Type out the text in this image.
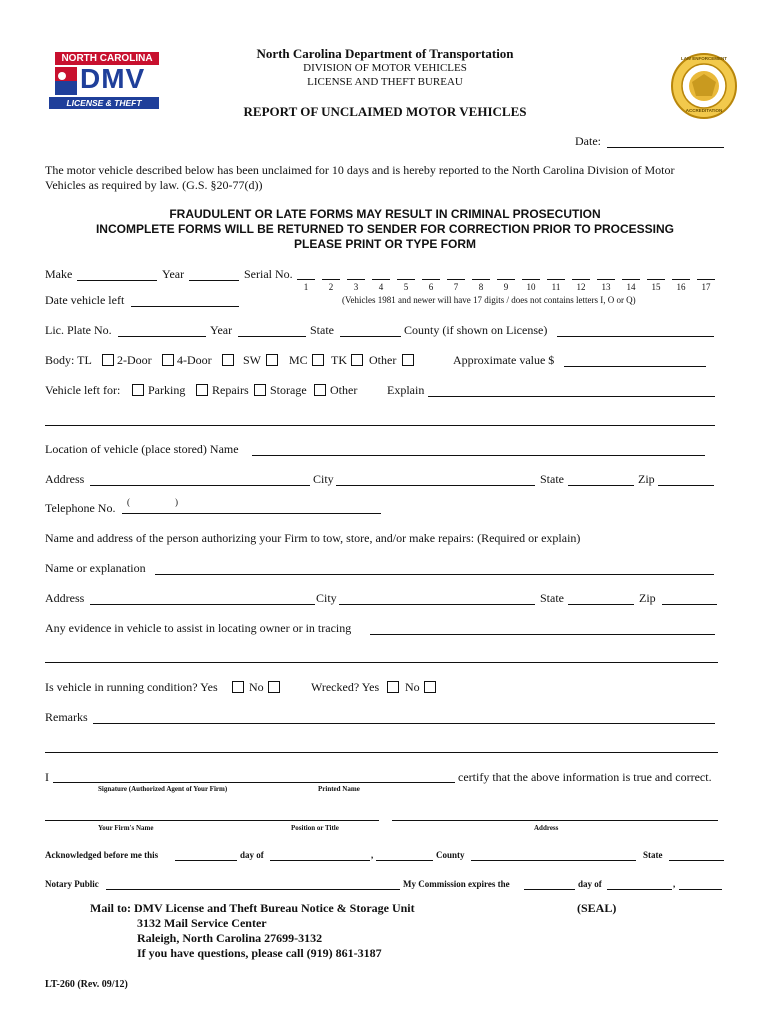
NORTH CAROLINA
DMV
LICENSE & THEFT BUREAU
LAW ENFORCEMENT
ACCREDITATION
North Carolina Department of Transportation
DIVISION OF MOTOR VEHICLES
LICENSE AND THEFT BUREAU
REPORT OF UNCLAIMED MOTOR VEHICLES
Date:
The motor vehicle described below has been unclaimed for 10 days and is hereby reported to the North Carolina Division of Motor
Vehicles as required by law. (G.S. §20-77(d))
FRAUDULENT OR LATE FORMS MAY RESULT IN CRIMINAL PROSECUTION
INCOMPLETE FORMS WILL BE RETURNED TO SENDER FOR CORRECTION PRIOR TO PROCESSING
PLEASE PRINT OR TYPE FORM
Make	Year	Serial No.
1	2	3	4	5	6	7	8	9	10	11	12	13	14	15	16	17
Date vehicle left	(Vehicles 1981 and newer will have 17 digits / does not contains letters I, O or Q)
Lic. Plate No.	Year	State	County (if shown on License)
Body: TL 2-Door 4-Door	SW MC TK Other	Approximate value $
Vehicle left for: Parking Repairs Storage Other Explain
Location of vehicle (place stored) Name
Address	City	State	Zip
Telephone No. (	)
Name and address of the person authorizing your Firm to tow, store, and/or make repairs: (Required or explain)
Name or explanation
Address	City	State	Zip
Any evidence in vehicle to assist in locating owner or in tracing
Is vehicle in running condition? Yes	No	Wrecked? Yes No
Remarks
I	certify that the above information is true and correct.
Signature (Authorized Agent of Your Firm)	Printed Name
Your Firm's Name	Position or Title	Address
Acknowledged before me this	day of	,	County	State
Notary Public	My Commission expires the	day of	,
Mail to: DMV License and Theft Bureau Notice & Storage Unit
3132 Mail Service Center
Raleigh, North Carolina 27699-3132
If you have questions, please call (919) 861-3187
(SEAL)
LT-260 (Rev. 09/12)
